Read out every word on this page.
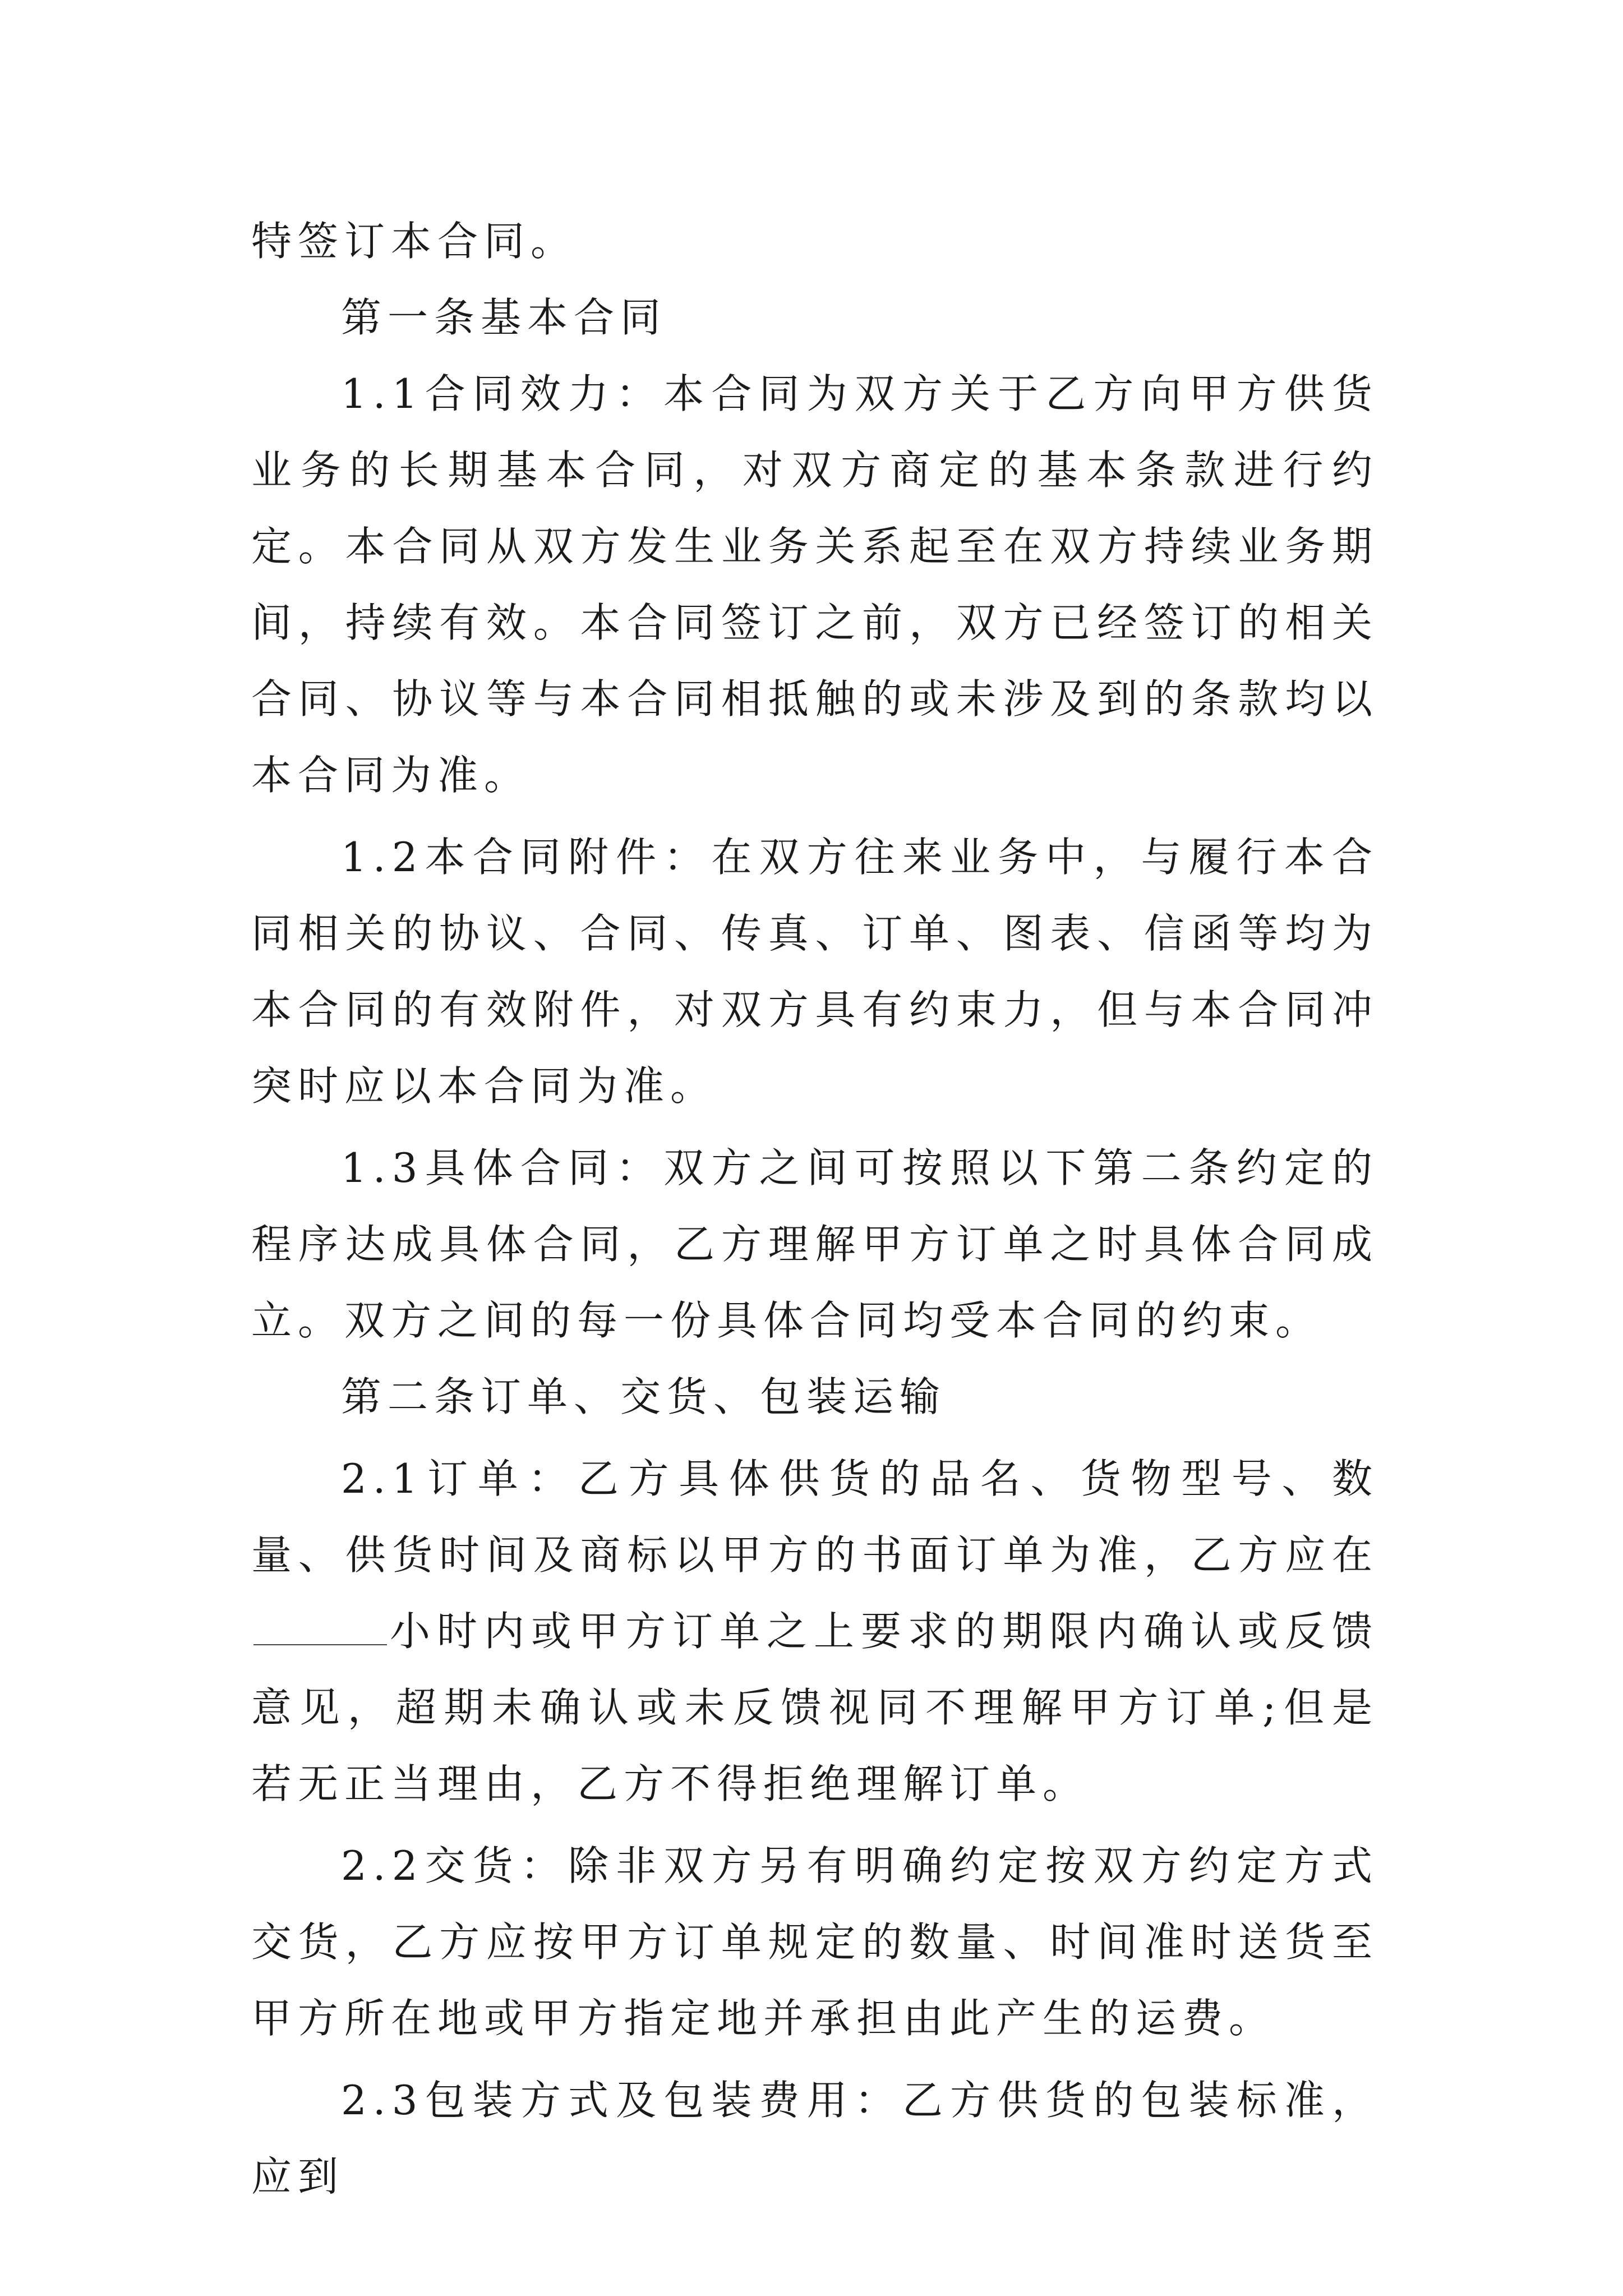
特签订本合同。

第一条基本合同

1.1合同效力：本合同为双方关于乙方向甲方供货业务的长期基本合同，对双方商定的基本条款进行约定。本合同从双方发生业务关系起至在双方持续业务期间，持续有效。本合同签订之前，双方已经签订的相关合同、协议等与本合同相抵触的或未涉及到的条款均以本合同为准。

1.2本合同附件：在双方往来业务中，与履行本合同相关的协议、合同、传真、订单、图表、信函等均为本合同的有效附件，对双方具有约束力，但与本合同冲突时应以本合同为准。

1.3具体合同：双方之间可按照以下第二条约定的程序达成具体合同，乙方理解甲方订单之时具体合同成立。双方之间的每一份具体合同均受本合同的约束。

第二条订单、交货、包装运输

2.1订单：乙方具体供货的品名、货物型号、数量、供货时间及商标以甲方的书面订单为准，乙方应在小时内或甲方订单之上要求的期限内确认或反馈意见，超期未确认或未反馈视同不理解甲方订单;但是若无正当理由，乙方不得拒绝理解订单。

2.2交货：除非双方另有明确约定按双方约定方式交货，乙方应按甲方订单规定的数量、时间准时送货至甲方所在地或甲方指定地并承担由此产生的运费。

2.3包装方式及包装费用：乙方供货的包装标准，应到
